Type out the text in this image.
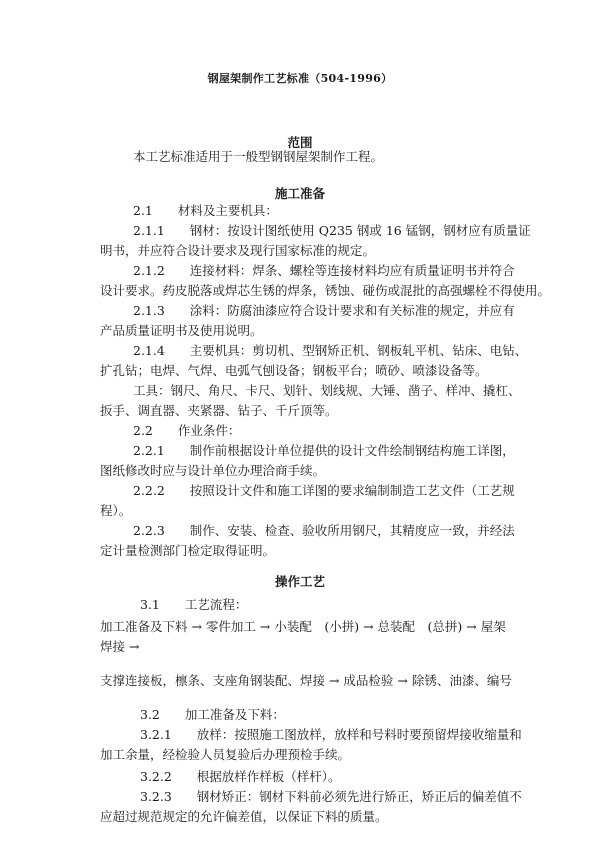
钢屋架制作工艺标准（504-1996）
范围
本工艺标准适用于一般型钢钢屋架制作工程。
施工准备
2.1　　材料及主要机具：
2.1.1　　钢材：按设计图纸使用 Q235 钢或 16 锰钢，钢材应有质量证
明书，并应符合设计要求及现行国家标准的规定。
2.1.2　　连接材料：焊条、螺栓等连接材料均应有质量证明书并符合
设计要求。药皮脱落或焊芯生锈的焊条，锈蚀、碰伤或混批的高强螺栓不得使用。
2.1.3　　涂料：防腐油漆应符合设计要求和有关标准的规定，并应有
产品质量证明书及使用说明。
2.1.4　　主要机具：剪切机、型钢矫正机、钢板轧平机、钻床、电钻、
扩孔钻；电焊、气焊、电弧气刨设备；钢板平台；喷砂、喷漆设备等。
工具：钢尺、角尺、卡尺、划针、划线规、大锤、凿子、样冲、撬杠、
扳手、调直器、夹紧器、钻子、千斤顶等。
2.2　　作业条件：
2.2.1　　制作前根据设计单位提供的设计文件绘制钢结构施工详图，
图纸修改时应与设计单位办理洽商手续。
2.2.2　　按照设计文件和施工详图的要求编制制造工艺文件（工艺规
程）。
2.2.3　　制作、安装、检查、验收所用钢尺，其精度应一致，并经法
定计量检测部门检定取得证明。
操作工艺
3.1　　工艺流程：
加工准备及下料 → 零件加工 → 小装配　(小拼) → 总装配　(总拼) → 屋架
焊接 →
支撑连接板，檩条、支座角钢装配、焊接 → 成品检验 → 除锈、油漆、编号
3.2　　加工准备及下料：
3.2.1　　放样：按照施工图放样，放样和号料时要预留焊接收缩量和
加工余量，经检验人员复验后办理预检手续。
3.2.2　　根据放样作样板（样杆）。
3.2.3　　钢材矫正：钢材下料前必须先进行矫正，矫正后的偏差值不
应超过规范规定的允许偏差值，以保证下料的质量。
